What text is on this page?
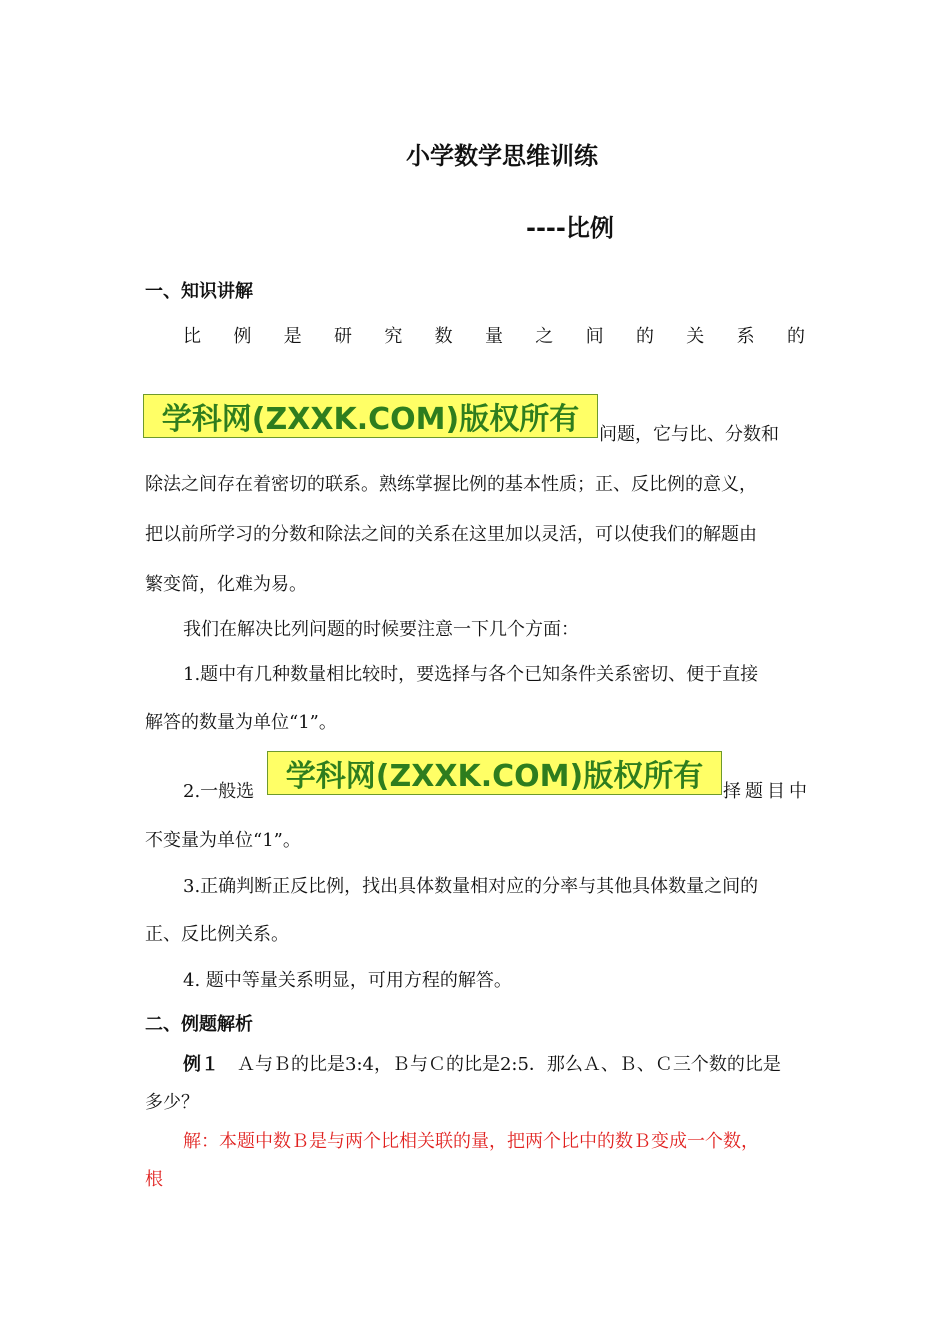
小学数学思维训练
----比例
一、知识讲解
比 例 是 研 究 数 量 之 间 的 关 系 的
学科网(ZXXK.COM)版权所有	问题，它与比、分数和
除法之间存在着密切的联系。熟练掌握比例的基本性质；正、反比例的意义，
把以前所学习的分数和除法之间的关系在这里加以灵活，可以使我们的解题由
繁变简，化难为易。
我们在解决比列问题的时候要注意一下几个方面：
1.题中有几种数量相比较时，要选择与各个已知条件关系密切、便于直接
解答的数量为单位“1”。
2.一般选	学科网(ZXXK.COM)版权所有	择题目中
不变量为单位“1”。
3.正确判断正反比例，找出具体数量相对应的分率与其他具体数量之间的
正、反比例关系。
4. 题中等量关系明显，可用方程的解答。
二、例题解析
例１　Ａ与Ｂ的比是3:4，Ｂ与Ｃ的比是2:5．那么Ａ、Ｂ、Ｃ三个数的比是
多少？
解：本题中数Ｂ是与两个比相关联的量，把两个比中的数Ｂ变成一个数，
根
